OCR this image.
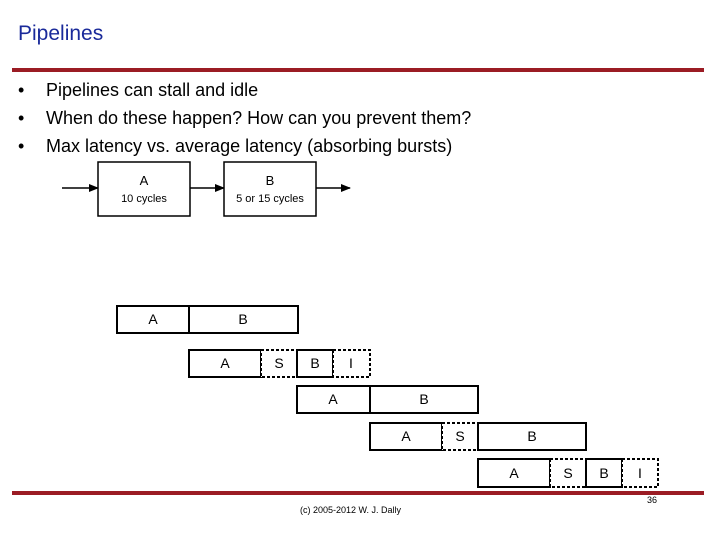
Pipelines
• Pipelines can stall and idle
• When do these happen? How can you prevent them?
• Max latency vs. average latency (absorbing bursts)
A
10 cycles
B
5 or 15 cycles
A	B
A	S B I
A	B
A	S	B
A	S B I
(c) 2005-2012 W. J. Dally
36
